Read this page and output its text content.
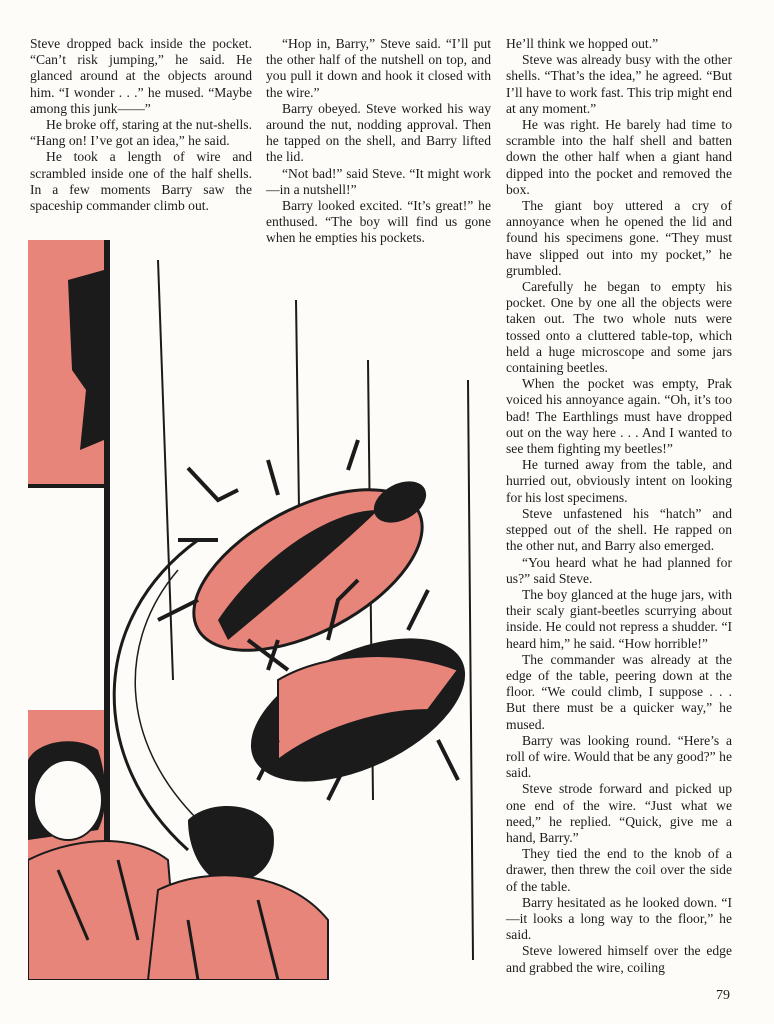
Steve dropped back inside the pocket. “Can’t risk jumping,” he said. He glanced around at the objects around him. “I wonder . . .” he mused. “Maybe among this junk——”

He broke off, staring at the nut-shells. “Hang on! I’ve got an idea,” he said.

He took a length of wire and scrambled inside one of the half shells. In a few moments Barry saw the spaceship commander climb out.

“Hop in, Barry,” Steve said. “I’ll put the other half of the nutshell on top, and you pull it down and hook it closed with the wire.”

Barry obeyed. Steve worked his way around the nut, nodding approval. Then he tapped on the shell, and Barry lifted the lid.

“Not bad!” said Steve. “It might work—in a nutshell!”

Barry looked excited. “It’s great!” he enthused. “The boy will find us gone when he empties his pockets.

He’ll think we hopped out.”

Steve was already busy with the other shells. “That’s the idea,” he agreed. “But I’ll have to work fast. This trip might end at any moment.”

He was right. He barely had time to scramble into the half shell and batten down the other half when a giant hand dipped into the pocket and removed the box.

The giant boy uttered a cry of annoyance when he opened the lid and found his specimens gone. “They must have slipped out into my pocket,” he grumbled.

Carefully he began to empty his pocket. One by one all the objects were taken out. The two whole nuts were tossed onto a cluttered table-top, which held a huge microscope and some jars containing beetles.

When the pocket was empty, Prak voiced his annoyance again. “Oh, it’s too bad! The Earthlings must have dropped out on the way here . . . And I wanted to see them fighting my beetles!”

He turned away from the table, and hurried out, obviously intent on looking for his lost specimens.

Steve unfastened his “hatch” and stepped out of the shell. He rapped on the other nut, and Barry also emerged.

“You heard what he had planned for us?” said Steve.

The boy glanced at the huge jars, with their scaly giant-beetles scurrying about inside. He could not repress a shudder. “I heard him,” he said. “How horrible!”

The commander was already at the edge of the table, peering down at the floor. “We could climb, I suppose . . . But there must be a quicker way,” he mused.

Barry was looking round. “Here’s a roll of wire. Would that be any good?” he said.

Steve strode forward and picked up one end of the wire. “Just what we need,” he replied. “Quick, give me a hand, Barry.”

They tied the end to the knob of a drawer, then threw the coil over the side of the table.

Barry hesitated as he looked down. “I—it looks a long way to the floor,” he said.

Steve lowered himself over the edge and grabbed the wire, coiling

79
